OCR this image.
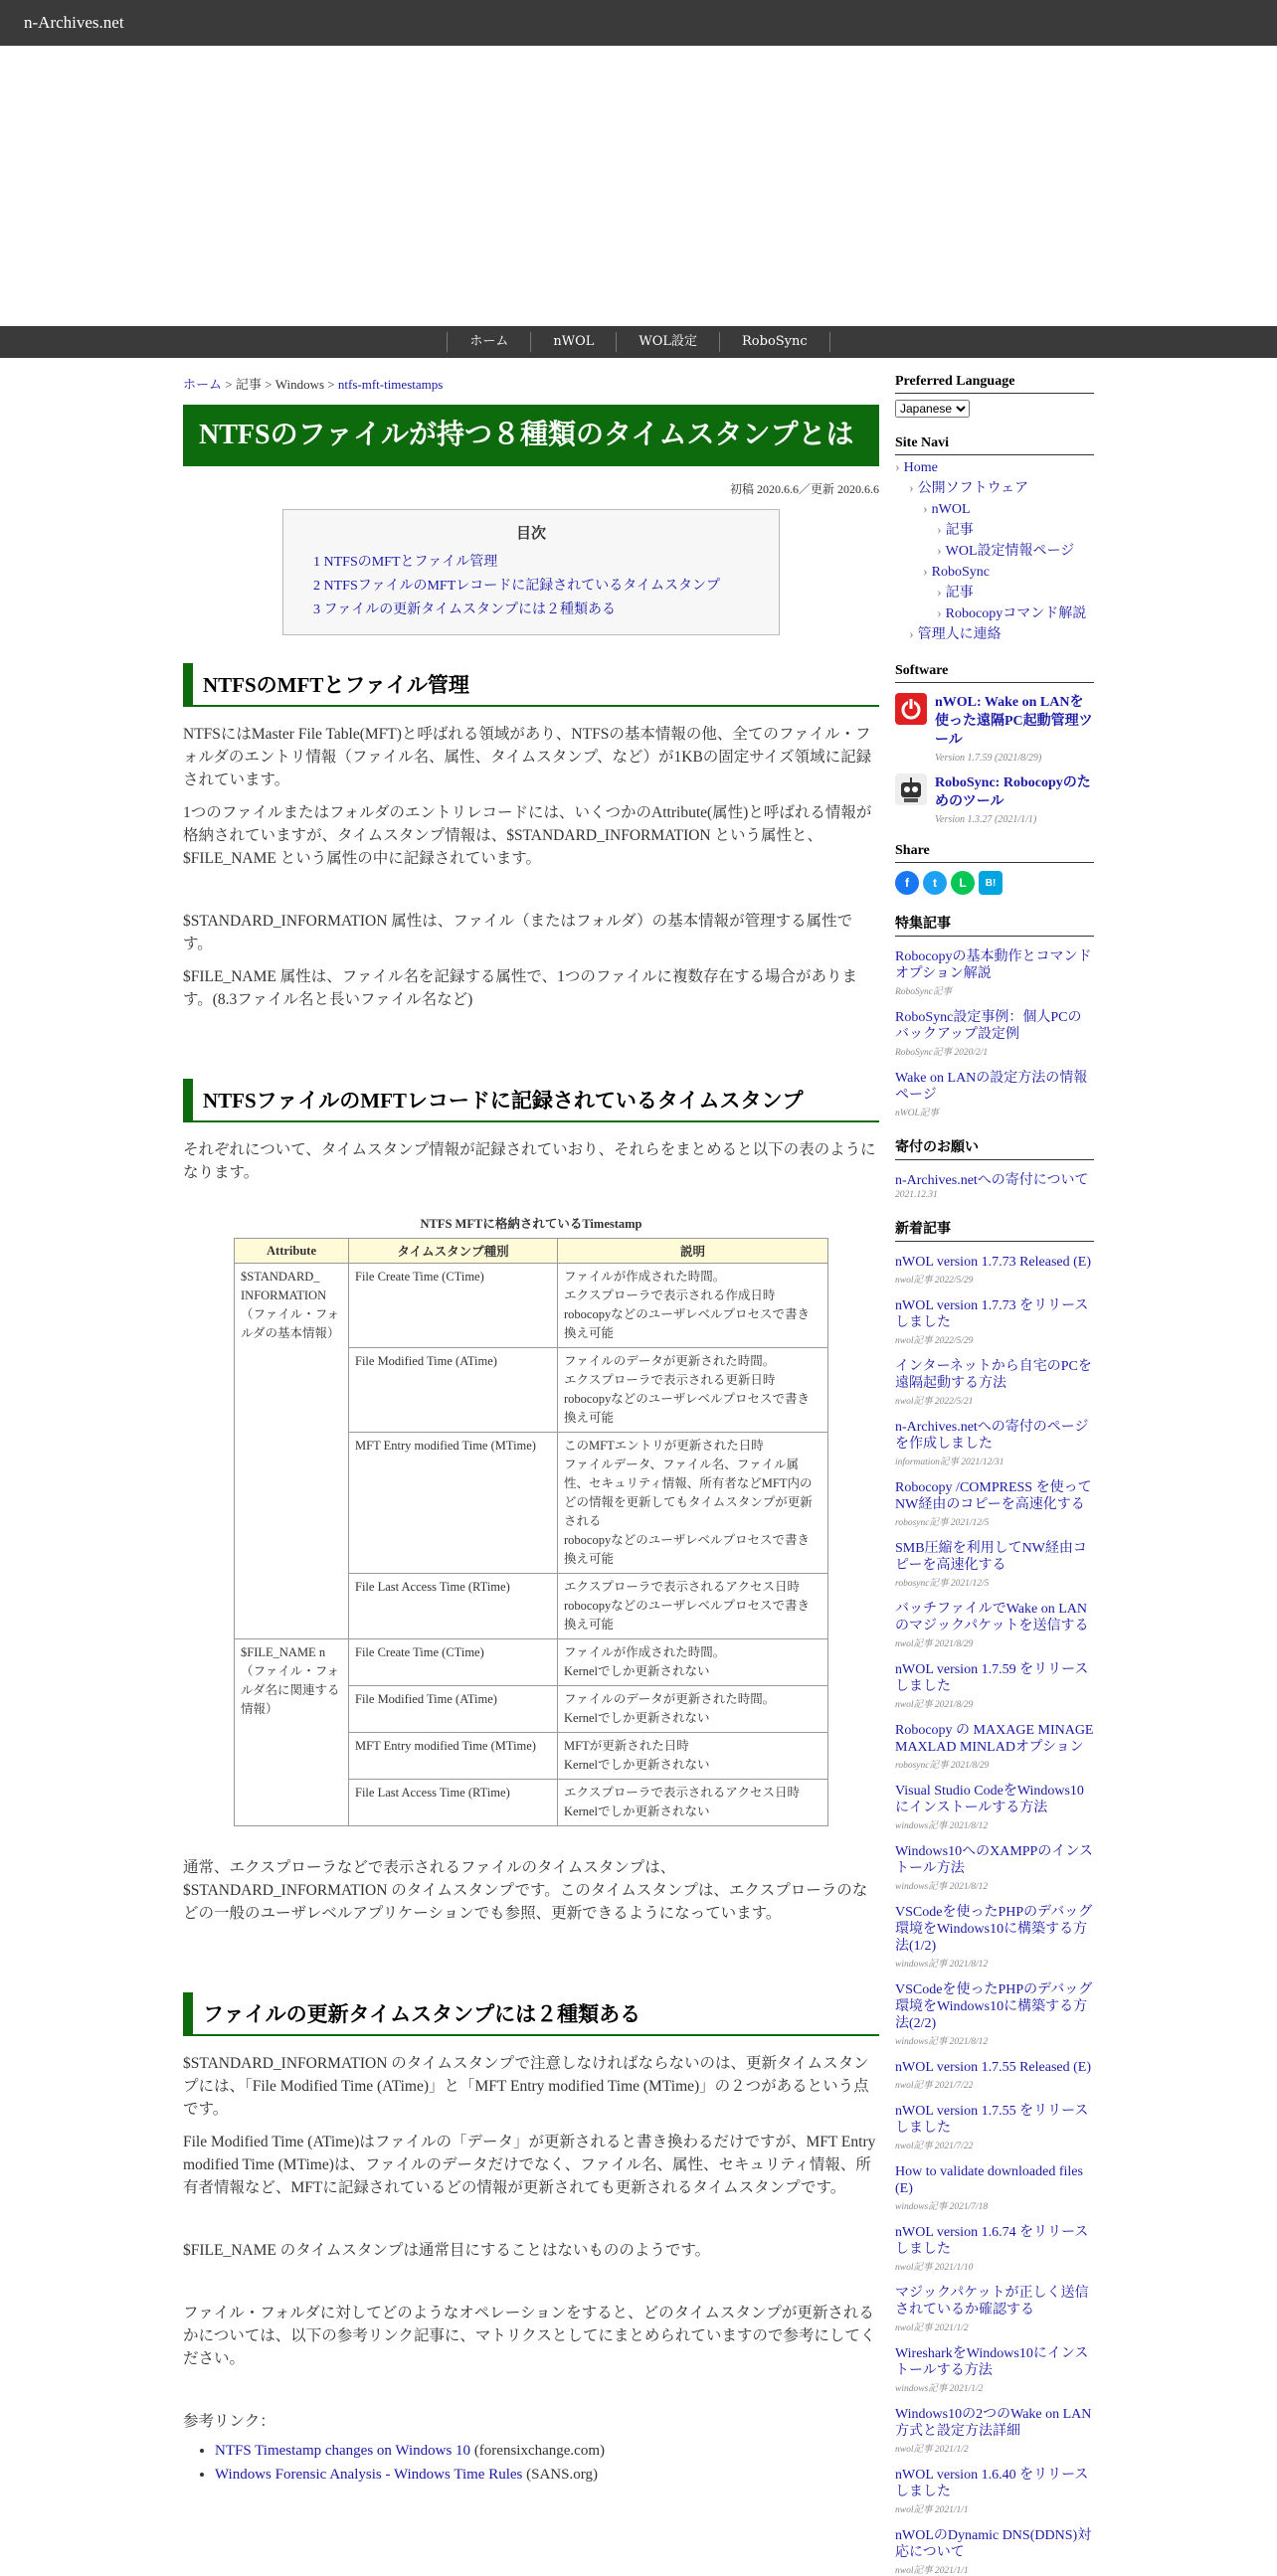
n-Archives.net
ホーム	nWOL	WOL設定	RoboSync
ホーム > 記事 > Windows > ntfs-mft-timestamps
NTFSのファイルが持つ８種類のタイムスタンプとは
初稿 2020.6.6／更新 2020.6.6
目次
1 NTFSのMFTとファイル管理
2 NTFSファイルのMFTレコードに記録されているタイムスタンプ
3 ファイルの更新タイムスタンプには２種類ある
NTFSのMFTとファイル管理

NTFSにはMaster File Table(MFT)と呼ばれる領域があり、NTFSの基本情報の他、全てのファイル・フォルダのエントリ情報（ファイル名、属性、タイムスタンプ、など）が1KBの固定サイズ領域に記録されています。

1つのファイルまたはフォルダのエントリレコードには、いくつかのAttribute(属性)と呼ばれる情報が格納されていますが、タイムスタンプ情報は、$STANDARD_INFORMATION という属性と、$FILE_NAME という属性の中に記録されています。

$STANDARD_INFORMATION 属性は、ファイル（またはフォルダ）の基本情報が管理する属性です。

$FILE_NAME 属性は、ファイル名を記録する属性で、1つのファイルに複数存在する場合があります。(8.3ファイル名と長いファイル名など)

NTFSファイルのMFTレコードに記録されているタイムスタンプ

それぞれについて、タイムスタンプ情報が記録されていおり、それらをまとめると以下の表のようになります。

NTFS MFTに格納されているTimestamp
Attribute	タイムスタンプ種別	説明
$STANDARD_
INFORMATION
（ファイル・フォルダの基本情報）	File Create Time (CTime)	ファイルが作成された時間。
エクスプローラで表示される作成日時
robocopyなどのユーザレベルプロセスで書き換え可能
	File Modified Time (ATime)	ファイルのデータが更新された時間。
エクスプローラで表示される更新日時
robocopyなどのユーザレベルプロセスで書き換え可能
	MFT Entry modified Time (MTime)	このMFTエントリが更新された日時
ファイルデータ、ファイル名、ファイル属性、セキュリティ情報、所有者などMFT内のどの情報を更新してもタイムスタンプが更新される
robocopyなどのユーザレベルプロセスで書き換え可能
	File Last Access Time (RTime)	エクスプローラで表示されるアクセス日時
robocopyなどのユーザレベルプロセスで書き換え可能
$FILE_NAME n
（ファイル・フォルダ名に関連する情報）	File Create Time (CTime)	ファイルが作成された時間。
Kernelでしか更新されない
	File Modified Time (ATime)	ファイルのデータが更新された時間。
Kernelでしか更新されない
	MFT Entry modified Time (MTime)	MFTが更新された日時
Kernelでしか更新されない
	File Last Access Time (RTime)	エクスプローラで表示されるアクセス日時
Kernelでしか更新されない

通常、エクスプローラなどで表示されるファイルのタイムスタンプは、$STANDARD_INFORMATION のタイムスタンプです。このタイムスタンプは、エクスプローラのなどの一般のユーザレベルアプリケーションでも参照、更新できるようになっています。

ファイルの更新タイムスタンプには２種類ある

$STANDARD_INFORMATION のタイムスタンプで注意しなければならないのは、更新タイムスタンプには、「File Modified Time (ATime)」と「MFT Entry modified Time (MTime)」の２つがあるという点です。

File Modified Time (ATime)はファイルの「データ」が更新されると書き換わるだけですが、MFT Entry modified Time (MTime)は、ファイルのデータだけでなく、ファイル名、属性、セキュリティ情報、所有者情報など、MFTに記録されているどの情報が更新されても更新されるタイムスタンプです。

$FILE_NAME のタイムスタンプは通常目にすることはないもののようです。

ファイル・フォルダに対してどのようなオペレーションをすると、どのタイムスタンプが更新されるかについては、以下の参考リンク記事に、マトリクスとしてにまとめられていますので参考にしてください。

参考リンク：

• NTFS Timestamp changes on Windows 10 (forensixchange.com)
• Windows Forensic Analysis - Windows Time Rules (SANS.org)
Preferred Language
Japanese
Site Navi
› Home
› 公開ソフトウェア
› nWOL
› 記事
› WOL設定情報ページ
› RoboSync
› 記事
› Robocopyコマンド解説
› 管理人に連絡
Software
nWOL: Wake on LANを使った遠隔PC起動管理ツール
Version 1.7.59 (2021/8/29)
RoboSync: Robocopyのためのツール
Version 1.3.27 (2021/1/1)
Share
f	t	L	B!
特集記事
Robocopyの基本動作とコマンドオプション解説
RoboSync記事
RoboSync設定事例：個人PCのバックアップ設定例
RoboSync記事 2020/2/1
Wake on LANの設定方法の情報ページ
nWOL記事
寄付のお願い
n-Archives.netへの寄付について
2021.12.31
新着記事
nWOL version 1.7.73 Released (E)
nwol記事 2022/5/29
nWOL version 1.7.73 をリリースしました
nwol記事 2022/5/29
インターネットから自宅のPCを遠隔起動する方法
nwol記事 2022/5/21
n-Archives.netへの寄付のページを作成しました
information記事 2021/12/31
Robocopy /COMPRESS を使ってNW経由のコピーを高速化する
robosync記事 2021/12/5
SMB圧縮を利用してNW経由コピーを高速化する
robosync記事 2021/12/5
バッチファイルでWake on LANのマジックパケットを送信する
nwol記事 2021/8/29
nWOL version 1.7.59 をリリースしました
nwol記事 2021/8/29
Robocopy の MAXAGE MINAGE MAXLAD MINLADオプション
robosync記事 2021/8/29
Visual Studio CodeをWindows10にインストールする方法
windows記事 2021/8/12
Windows10へのXAMPPのインストール方法
windows記事 2021/8/12
VSCodeを使ったPHPのデバッグ環境をWindows10に構築する方法(1/2)
windows記事 2021/8/12
VSCodeを使ったPHPのデバッグ環境をWindows10に構築する方法(2/2)
windows記事 2021/8/12
nWOL version 1.7.55 Released (E)
nwol記事 2021/7/22
nWOL version 1.7.55 をリリースしました
nwol記事 2021/7/22
How to validate downloaded files (E)
windows記事 2021/7/18
nWOL version 1.6.74 をリリースしました
nwol記事 2021/1/10
マジックパケットが正しく送信されているか確認する
nwol記事 2021/1/2
WiresharkをWindows10にインストールする方法
windows記事 2021/1/2
Windows10の2つのWake on LAN方式と設定方法詳細
nwol記事 2021/1/2
nWOL version 1.6.40 をリリースしました
nwol記事 2021/1/1
nWOLのDynamic DNS(DDNS)対応について
nwol記事 2021/1/1
